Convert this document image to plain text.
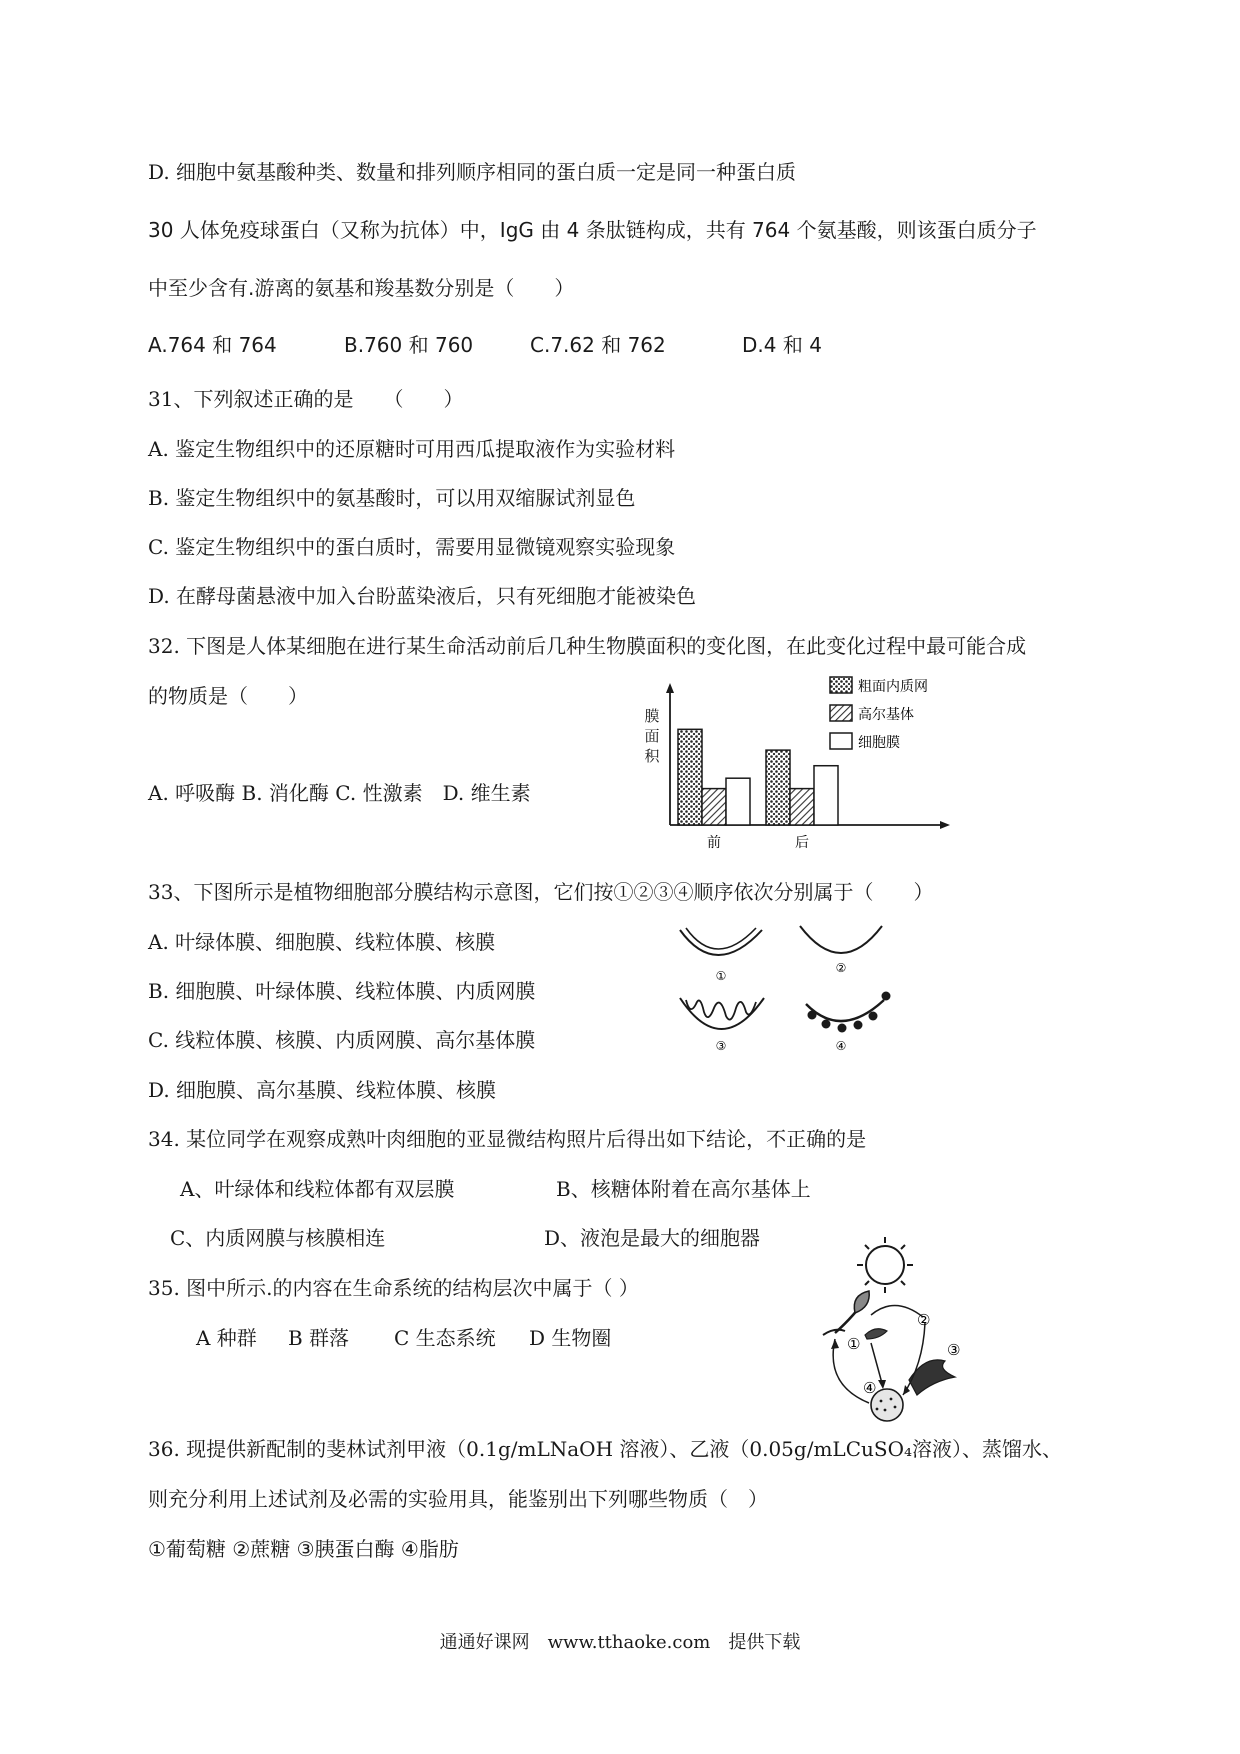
D. 细胞中氨基酸种类、数量和排列顺序相同的蛋白质一定是同一种蛋白质
30 人体免疫球蛋白（又称为抗体）中，IgG 由 4 条肽链构成，共有 764 个氨基酸，则该蛋白质分子
中至少含有.游离的氨基和羧基数分别是（　　）
A.764 和 764	B.760 和 760	C.7.62 和 762	D.4 和 4
31、下列叙述正确的是　　（　　）
A. 鉴定生物组织中的还原糖时可用西瓜提取液作为实验材料
B. 鉴定生物组织中的氨基酸时，可以用双缩脲试剂显色
C. 鉴定生物组织中的蛋白质时，需要用显微镜观察实验现象
D. 在酵母菌悬液中加入台盼蓝染液后，只有死细胞才能被染色
32. 下图是人体某细胞在进行某生命活动前后几种生物膜面积的变化图，在此变化过程中最可能合成
的物质是（　　）
A. 呼吸酶 B. 消化酶 C. 性激素　D. 维生素
膜
面
积
前	后
粗面内质网
高尔基体
细胞膜
33、下图所示是植物细胞部分膜结构示意图，它们按①②③④顺序依次分别属于（　　）
A. 叶绿体膜、细胞膜、线粒体膜、核膜
B. 细胞膜、叶绿体膜、线粒体膜、内质网膜
C. 线粒体膜、核膜、内质网膜、高尔基体膜
D. 细胞膜、高尔基膜、线粒体膜、核膜
①
②
③	④
34. 某位同学在观察成熟叶肉细胞的亚显微结构照片后得出如下结论，不正确的是
A、叶绿体和线粒体都有双层膜	B、核糖体附着在高尔基体上
C、内质网膜与核膜相连	D、液泡是最大的细胞器
35. 图中所示.的内容在生命系统的结构层次中属于（ ）
A 种群 B 群落 C 生态系统 D 生物圈	①
②
③
④
36. 现提供新配制的斐林试剂甲液（0.1g/mLNaOH 溶液）、乙液（0.05g/mLCuSO₄溶液）、蒸馏水、
则充分利用上述试剂及必需的实验用具，能鉴别出下列哪些物质（　）
①葡萄糖 ②蔗糖 ③胰蛋白酶 ④脂肪
通通好课网　www.tthaoke.com　提供下载
